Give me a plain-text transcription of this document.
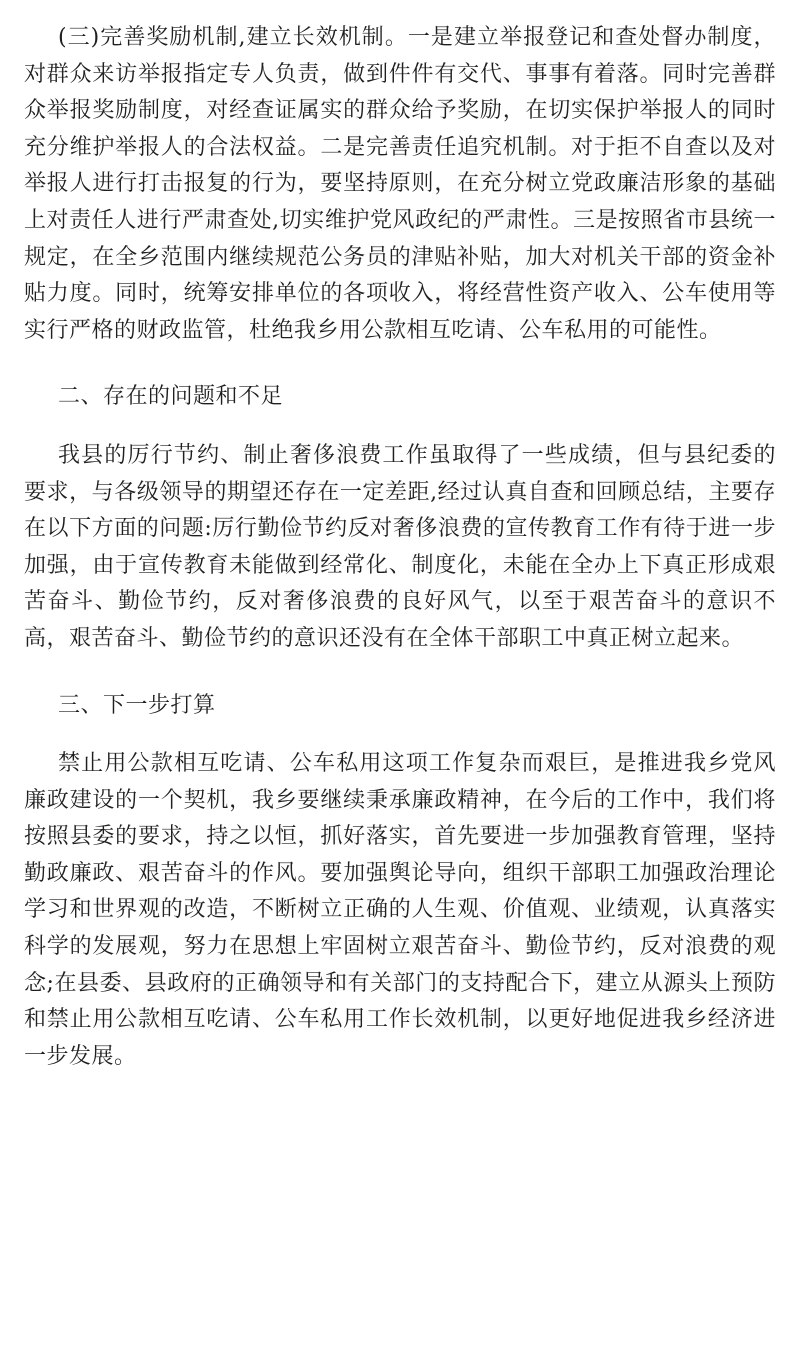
(三)完善奖励机制,建立长效机制。一是建立举报登记和查处督办制度，对群众来访举报指定专人负责，做到件件有交代、事事有着落。同时完善群众举报奖励制度，对经查证属实的群众给予奖励，在切实保护举报人的同时充分维护举报人的合法权益。二是完善责任追究机制。对于拒不自查以及对举报人进行打击报复的行为，要坚持原则，在充分树立党政廉洁形象的基础上对责任人进行严肃查处,切实维护党风政纪的严肃性。三是按照省市县统一规定，在全乡范围内继续规范公务员的津贴补贴，加大对机关干部的资金补贴力度。同时，统筹安排单位的各项收入，将经营性资产收入、公车使用等实行严格的财政监管，杜绝我乡用公款相互吃请、公车私用的可能性。

二、存在的问题和不足

我县的厉行节约、制止奢侈浪费工作虽取得了一些成绩，但与县纪委的要求，与各级领导的期望还存在一定差距,经过认真自查和回顾总结，主要存在以下方面的问题:厉行勤俭节约反对奢侈浪费的宣传教育工作有待于进一步加强，由于宣传教育未能做到经常化、制度化，未能在全办上下真正形成艰苦奋斗、勤俭节约，反对奢侈浪费的良好风气，以至于艰苦奋斗的意识不高，艰苦奋斗、勤俭节约的意识还没有在全体干部职工中真正树立起来。

三、下一步打算

禁止用公款相互吃请、公车私用这项工作复杂而艰巨，是推进我乡党风廉政建设的一个契机，我乡要继续秉承廉政精神，在今后的工作中，我们将按照县委的要求，持之以恒，抓好落实，首先要进一步加强教育管理，坚持勤政廉政、艰苦奋斗的作风。要加强舆论导向，组织干部职工加强政治理论学习和世界观的改造，不断树立正确的人生观、价值观、业绩观，认真落实科学的发展观，努力在思想上牢固树立艰苦奋斗、勤俭节约，反对浪费的观念;在县委、县政府的正确领导和有关部门的支持配合下，建立从源头上预防和禁止用公款相互吃请、公车私用工作长效机制，以更好地促进我乡经济进一步发展。
